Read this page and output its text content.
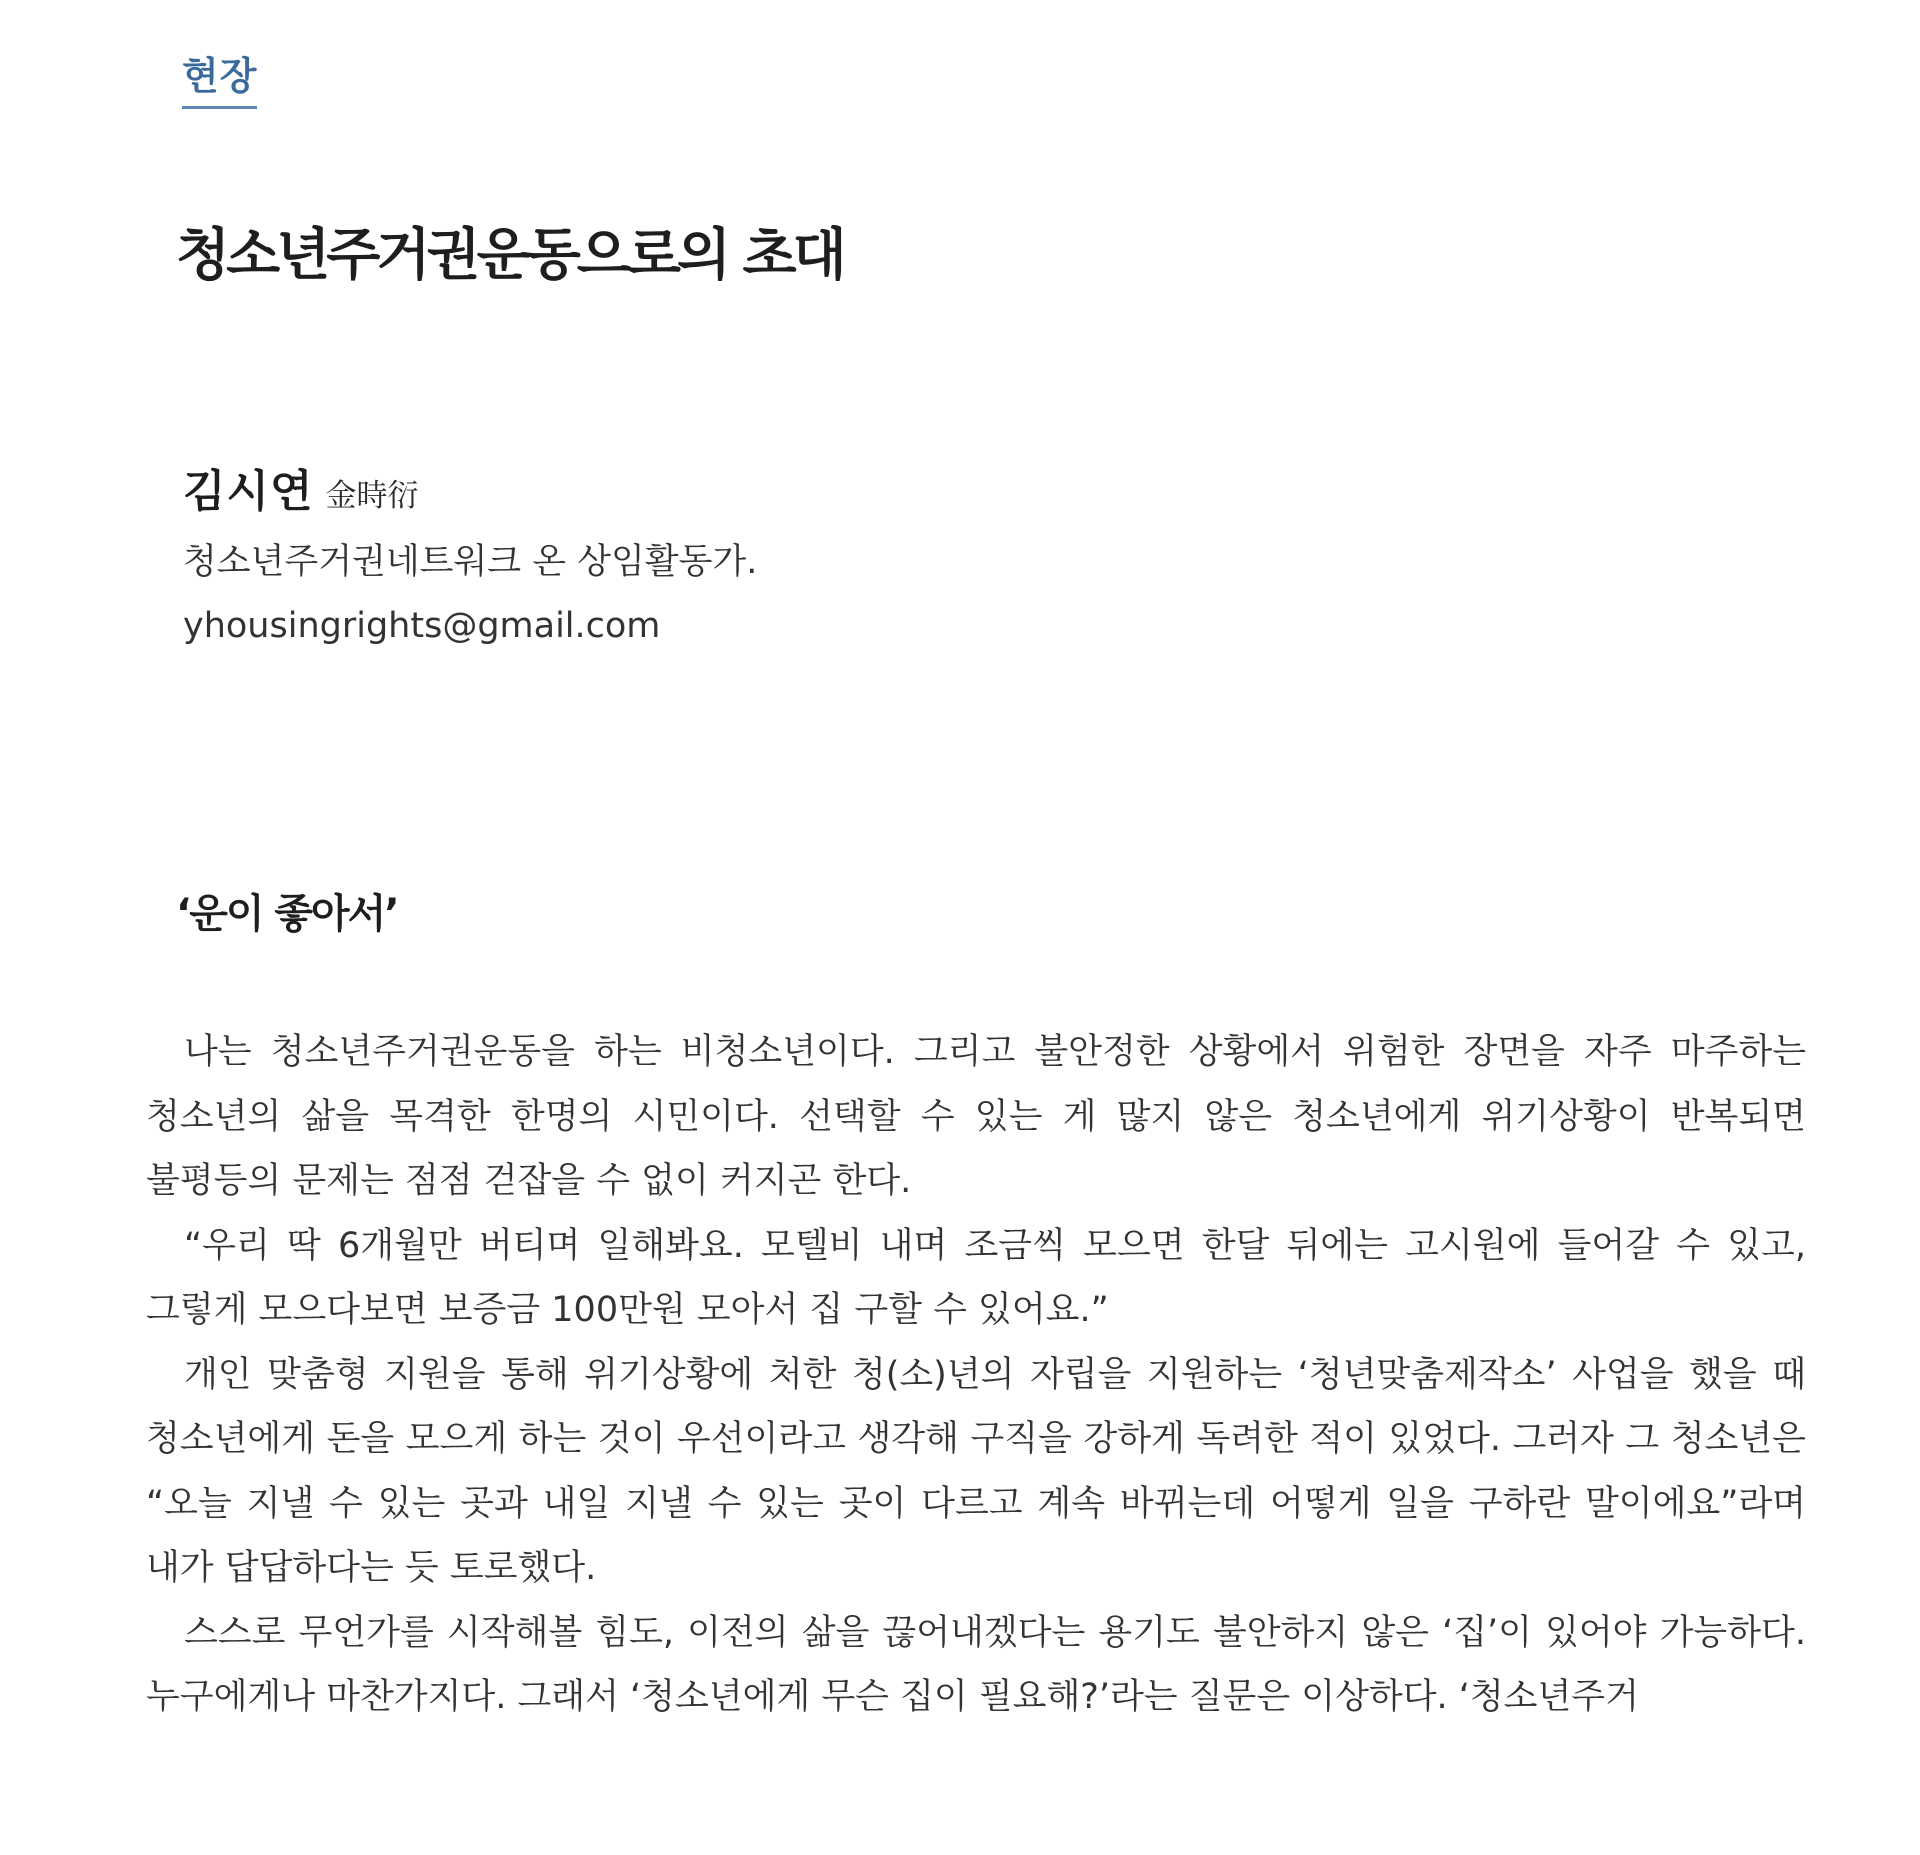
현장
청소년주거권운동으로의 초대
김시연 金時衍
청소년주거권네트워크 온 상임활동가.
yhousingrights@gmail.com
‘운이 좋아서’

나는 청소년주거권운동을 하는 비청소년이다. 그리고 불안정한 상황에서 위험한 장면을 자주 마주하는 청소년의 삶을 목격한 한명의 시민이다. 선택할 수 있는 게 많지 않은 청소년에게 위기상황이 반복되면 불평등의 문제는 점점 걷잡을 수 없이 커지곤 한다.

“우리 딱 6개월만 버티며 일해봐요. 모텔비 내며 조금씩 모으면 한달 뒤에는 고시원에 들어갈 수 있고, 그렇게 모으다보면 보증금 100만원 모아서 집 구할 수 있어요.”

개인 맞춤형 지원을 통해 위기상황에 처한 청(소)년의 자립을 지원하는 ‘청년맞춤제작소’ 사업을 했을 때 청소년에게 돈을 모으게 하는 것이 우선이라고 생각해 구직을 강하게 독려한 적이 있었다. 그러자 그 청소년은 “오늘 지낼 수 있는 곳과 내일 지낼 수 있는 곳이 다르고 계속 바뀌는데 어떻게 일을 구하란 말이에요”라며 내가 답답하다는 듯 토로했다.

스스로 무언가를 시작해볼 힘도, 이전의 삶을 끊어내겠다는 용기도 불안하지 않은 ‘집’이 있어야 가능하다. 누구에게나 마찬가지다. 그래서 ‘청소년에게 무슨 집이 필요해?’라는 질문은 이상하다. ‘청소년주거
